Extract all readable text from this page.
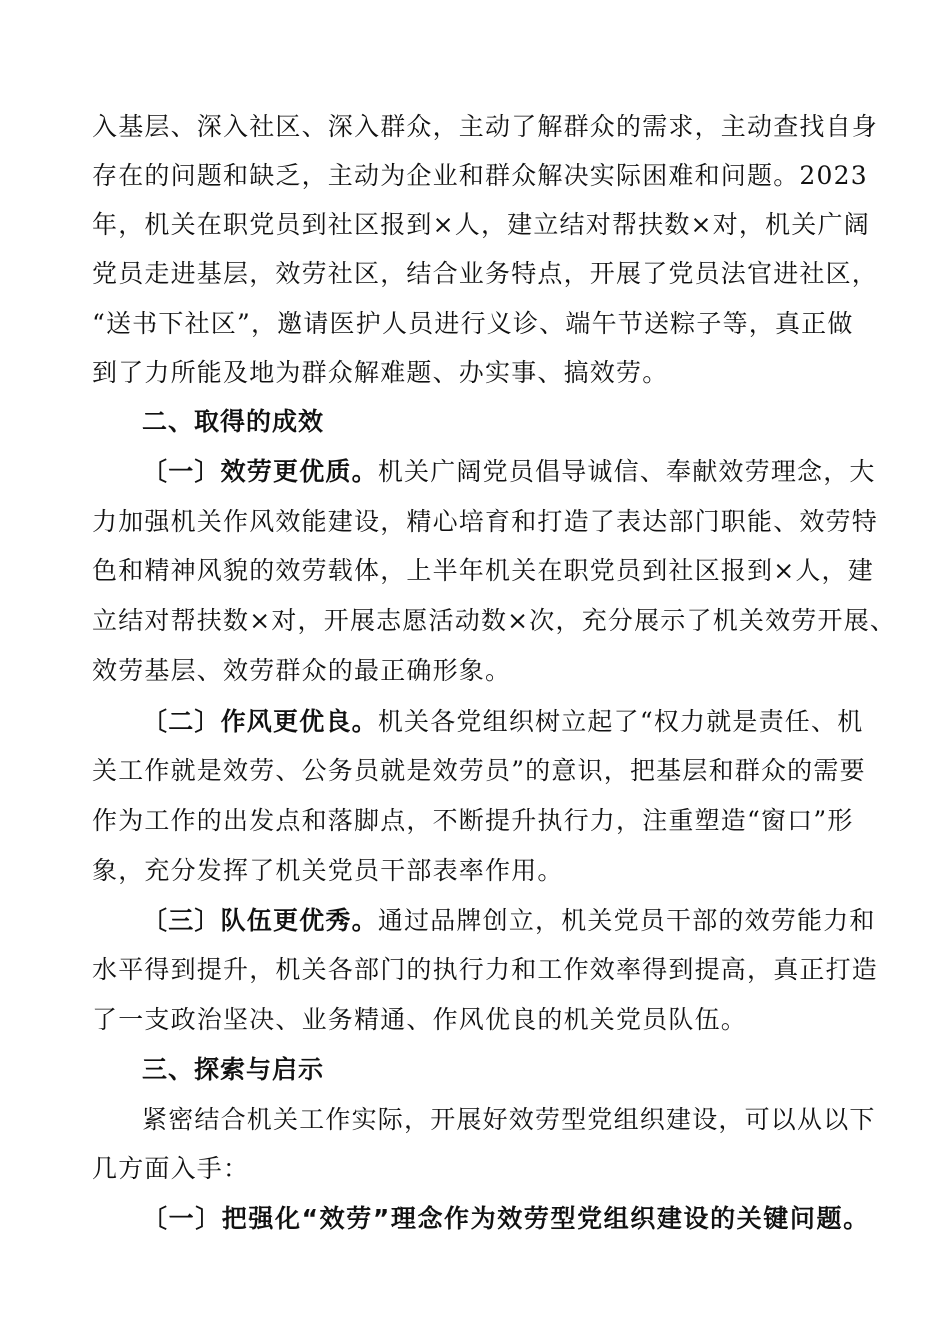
入基层、深入社区、深入群众，主动了解群众的需求，主动查找自身
存在的问题和缺乏，主动为企业和群众解决实际困难和问题。2023
年，机关在职党员到社区报到×人，建立结对帮扶数×对，机关广阔
党员走进基层，效劳社区，结合业务特点，开展了党员法官进社区，
“送书下社区”，邀请医护人员进行义诊、端午节送粽子等，真正做
到了力所能及地为群众解难题、办实事、搞效劳。
二、取得的成效
〔一〕效劳更优质。机关广阔党员倡导诚信、奉献效劳理念，大
力加强机关作风效能建设，精心培育和打造了表达部门职能、效劳特
色和精神风貌的效劳载体，上半年机关在职党员到社区报到×人，建
立结对帮扶数×对，开展志愿活动数×次，充分展示了机关效劳开展、
效劳基层、效劳群众的最正确形象。
〔二〕作风更优良。机关各党组织树立起了“权力就是责任、机
关工作就是效劳、公务员就是效劳员”的意识，把基层和群众的需要
作为工作的出发点和落脚点，不断提升执行力，注重塑造“窗口”形
象，充分发挥了机关党员干部表率作用。
〔三〕队伍更优秀。通过品牌创立，机关党员干部的效劳能力和
水平得到提升，机关各部门的执行力和工作效率得到提高，真正打造
了一支政治坚决、业务精通、作风优良的机关党员队伍。
三、探索与启示
紧密结合机关工作实际，开展好效劳型党组织建设，可以从以下
几方面入手：
〔一〕把强化“效劳”理念作为效劳型党组织建设的关键问题。
